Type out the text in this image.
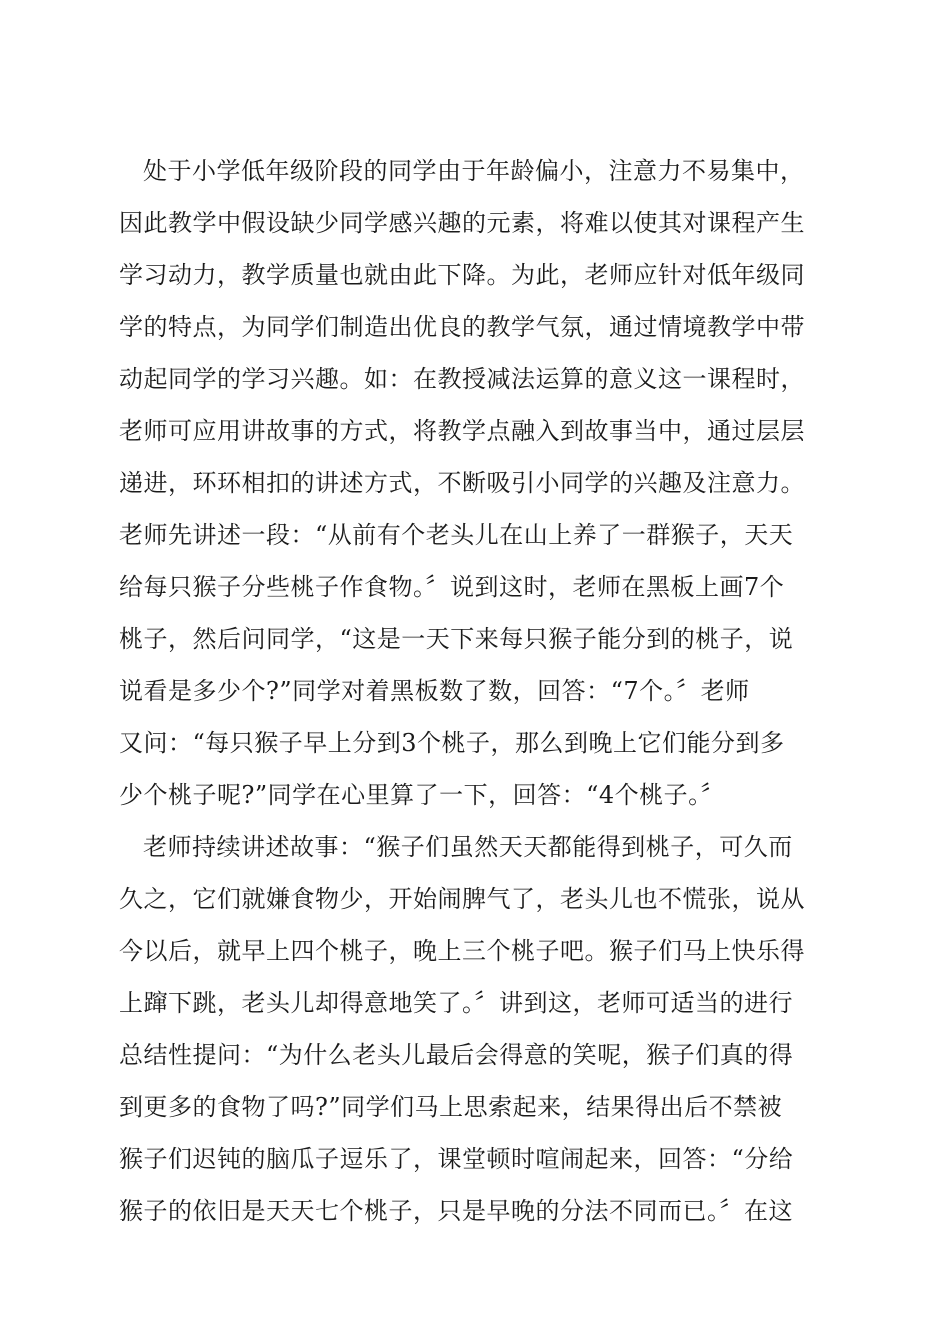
处于小学低年级阶段的同学由于年龄偏小，注意力不易集中，
因此教学中假设缺少同学感兴趣的元素，将难以使其对课程产生
学习动力，教学质量也就由此下降。为此，老师应针对低年级同
学的特点，为同学们制造出优良的教学气氛，通过情境教学中带
动起同学的学习兴趣。如：在教授减法运算的意义这一课程时，
老师可应用讲故事的方式，将教学点融入到故事当中，通过层层
递进，环环相扣的讲述方式，不断吸引小同学的兴趣及注意力。
老师先讲述一段：“从前有个老头儿在山上养了一群猴子，天天
给每只猴子分些桃子作食物。〞说到这时，老师在黑板上画7个
桃子，然后问同学，“这是一天下来每只猴子能分到的桃子，说
说看是多少个?”同学对着黑板数了数，回答：“7个。〞老师
又问：“每只猴子早上分到3个桃子，那么到晚上它们能分到多
少个桃子呢?”同学在心里算了一下，回答：“4个桃子。〞
老师持续讲述故事：“猴子们虽然天天都能得到桃子，可久而
久之，它们就嫌食物少，开始闹脾气了，老头儿也不慌张，说从
今以后，就早上四个桃子，晚上三个桃子吧。猴子们马上快乐得
上蹿下跳，老头儿却得意地笑了。〞讲到这，老师可适当的进行
总结性提问：“为什么老头儿最后会得意的笑呢，猴子们真的得
到更多的食物了吗?”同学们马上思索起来，结果得出后不禁被
猴子们迟钝的脑瓜子逗乐了，课堂顿时喧闹起来，回答：“分给
猴子的依旧是天天七个桃子，只是早晚的分法不同而已。〞在这
